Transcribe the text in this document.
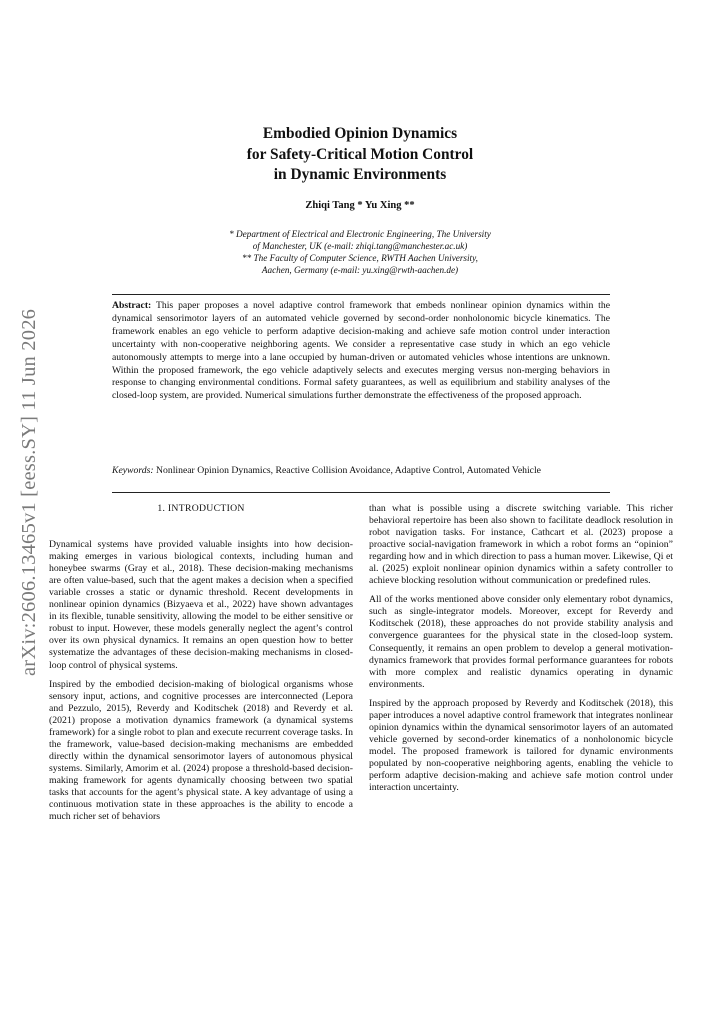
arXiv:2606.13465v1 [eess.SY] 11 Jun 2026
Embodied Opinion Dynamics
for Safety-Critical Motion Control
in Dynamic Environments
Zhiqi Tang * Yu Xing **
* Department of Electrical and Electronic Engineering, The University
of Manchester, UK (e-mail: zhiqi.tang@manchester.ac.uk)
** The Faculty of Computer Science, RWTH Aachen University,
Aachen, Germany (e-mail: yu.xing@rwth-aachen.de)
Abstract: This paper proposes a novel adaptive control framework that embeds nonlinear opinion dynamics within the dynamical sensorimotor layers of an automated vehicle governed by second-order nonholonomic bicycle kinematics. The framework enables an ego vehicle to perform adaptive decision-making and achieve safe motion control under interaction uncertainty with non-cooperative neighboring agents. We consider a representative case study in which an ego vehicle autonomously attempts to merge into a lane occupied by human-driven or automated vehicles whose intentions are unknown. Within the proposed framework, the ego vehicle adaptively selects and executes merging versus non-merging behaviors in response to changing environmental conditions. Formal safety guarantees, as well as equilibrium and stability analyses of the closed-loop system, are provided. Numerical simulations further demonstrate the effectiveness of the proposed approach.
Keywords: Nonlinear Opinion Dynamics, Reactive Collision Avoidance, Adaptive Control, Automated Vehicle
1. INTRODUCTION

Dynamical systems have provided valuable insights into how decision-making emerges in various biological contexts, including human and honeybee swarms (Gray et al., 2018). These decision-making mechanisms are often value-based, such that the agent makes a decision when a specified variable crosses a static or dynamic threshold. Recent developments in nonlinear opinion dynamics (Bizyaeva et al., 2022) have shown advantages in its flexible, tunable sensitivity, allowing the model to be either sensitive or robust to input. However, these models generally neglect the agent’s control over its own physical dynamics. It remains an open question how to better systematize the advantages of these decision-making mechanisms in closed-loop control of physical systems.

Inspired by the embodied decision-making of biological organisms whose sensory input, actions, and cognitive processes are interconnected (Lepora and Pezzulo, 2015), Reverdy and Koditschek (2018) and Reverdy et al. (2021) propose a motivation dynamics framework (a dynamical systems framework) for a single robot to plan and execute recurrent coverage tasks. In the framework, value-based decision-making mechanisms are embedded directly within the dynamical sensorimotor layers of autonomous physical systems. Similarly, Amorim et al. (2024) propose a threshold-based decision-making framework for agents dynamically choosing between two spatial tasks that accounts for the agent’s physical state. A key advantage of using a continuous motivation state in these approaches is the ability to encode a much richer set of behaviors

than what is possible using a discrete switching variable. This richer behavioral repertoire has been also shown to facilitate deadlock resolution in robot navigation tasks. For instance, Cathcart et al. (2023) propose a proactive social-navigation framework in which a robot forms an “opinion” regarding how and in which direction to pass a human mover. Likewise, Qi et al. (2025) exploit nonlinear opinion dynamics within a safety controller to achieve blocking resolution without communication or predefined rules.

All of the works mentioned above consider only elementary robot dynamics, such as single-integrator models. Moreover, except for Reverdy and Koditschek (2018), these approaches do not provide stability analysis and convergence guarantees for the physical state in the closed-loop system. Consequently, it remains an open problem to develop a general motivation-dynamics framework that provides formal performance guarantees for robots with more complex and realistic dynamics operating in dynamic environments.

Inspired by the approach proposed by Reverdy and Koditschek (2018), this paper introduces a novel adaptive control framework that integrates nonlinear opinion dynamics within the dynamical sensorimotor layers of an automated vehicle governed by second-order kinematics of a nonholonomic bicycle model. The proposed framework is tailored for dynamic environments populated by non-cooperative neighboring agents, enabling the vehicle to perform adaptive decision-making and achieve safe motion control under interaction uncertainty.
